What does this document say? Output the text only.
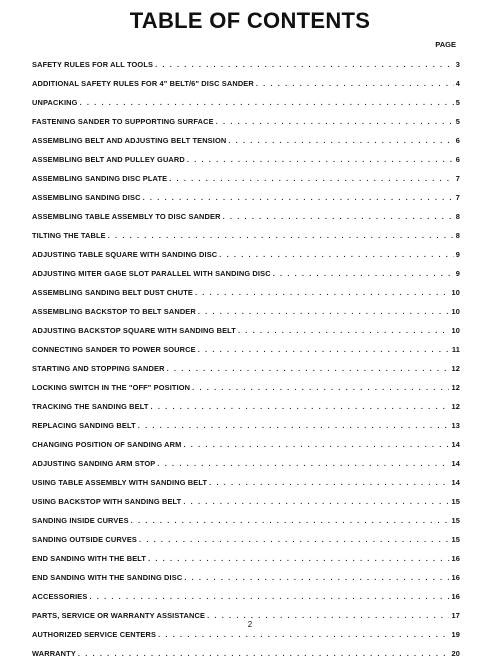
TABLE OF CONTENTS
PAGE
SAFETY RULES FOR ALL TOOLS . . .	3
ADDITIONAL SAFETY RULES FOR 4" BELT/6" DISC SANDER . . .	4
UNPACKING . . .	5
FASTENING SANDER TO SUPPORTING SURFACE . . .	5
ASSEMBLING BELT AND ADJUSTING BELT TENSION . . .	6
ASSEMBLING BELT AND PULLEY GUARD . . .	6
ASSEMBLING SANDING DISC PLATE . . .	7
ASSEMBLING SANDING DISC . . .	7
ASSEMBLING TABLE ASSEMBLY TO DISC SANDER . . .	8
TILTING THE TABLE . . .	8
ADJUSTING TABLE SQUARE WITH SANDING DISC . . .	9
ADJUSTING MITER GAGE SLOT PARALLEL WITH SANDING DISC . . .	9
ASSEMBLING SANDING BELT DUST CHUTE . . .	10
ASSEMBLING BACKSTOP TO BELT SANDER . . .	10
ADJUSTING BACKSTOP SQUARE WITH SANDING BELT . . .	10
CONNECTING SANDER TO POWER SOURCE . . .	11
STARTING AND STOPPING SANDER . . .	12
LOCKING SWITCH IN THE "OFF" POSITION . . .	12
TRACKING THE SANDING BELT . . .	12
REPLACING SANDING BELT . . .	13
CHANGING POSITION OF SANDING ARM . . .	14
ADJUSTING SANDING ARM STOP . . .	14
USING TABLE ASSEMBLY WITH SANDING BELT . . .	14
USING BACKSTOP WITH SANDING BELT . . .	15
SANDING INSIDE CURVES . . .	15
SANDING OUTSIDE CURVES . . .	15
END SANDING WITH THE BELT . . .	16
END SANDING WITH THE SANDING DISC . . .	16
ACCESSORIES . . .	16
PARTS, SERVICE OR WARRANTY ASSISTANCE . . .	17
AUTHORIZED SERVICE CENTERS . . .	19
WARRANTY . . .	20
2
